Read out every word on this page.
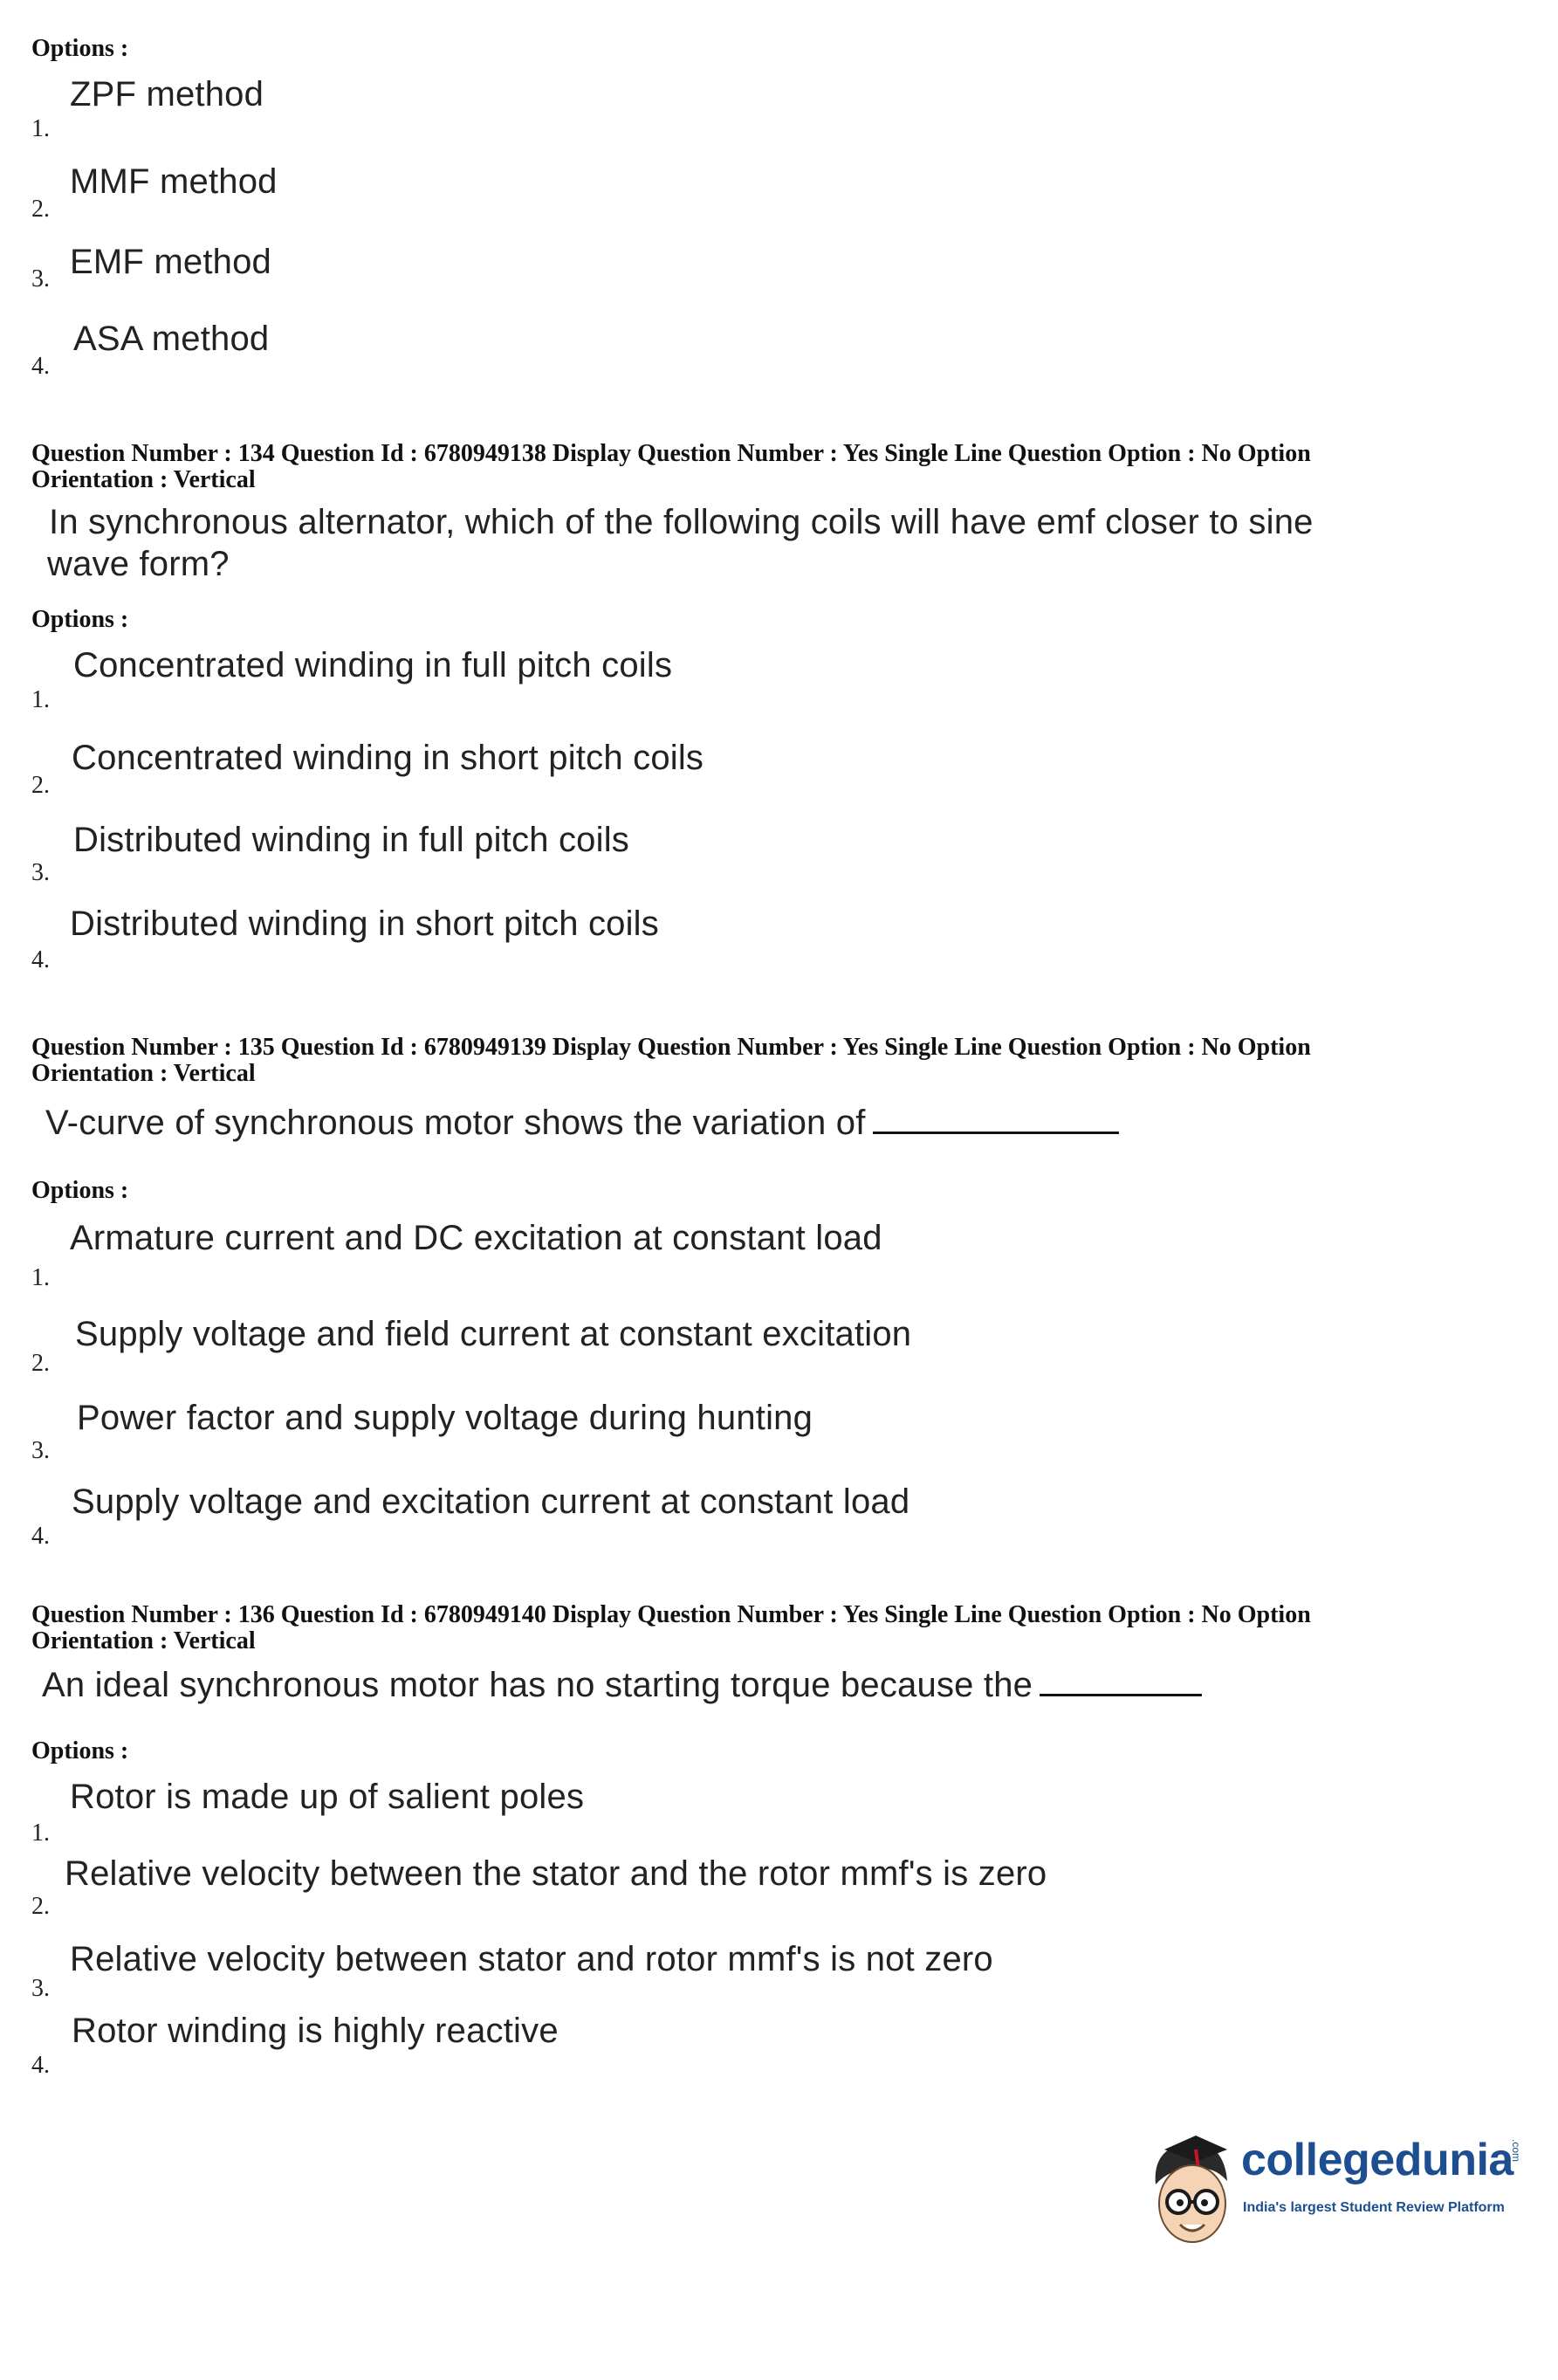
Options :
ZPF method
1.
MMF method
2.
EMF method
3.
ASA method
4.
Question Number : 134 Question Id : 6780949138 Display Question Number : Yes Single Line Question Option : No Option
Orientation : Vertical
In synchronous alternator, which of the following coils will have emf closer to sine
wave form?
Options :
Concentrated winding in full pitch coils
1.
Concentrated winding in short pitch coils
2.
Distributed winding in full pitch coils
3.
Distributed winding in short pitch coils
4.
Question Number : 135 Question Id : 6780949139 Display Question Number : Yes Single Line Question Option : No Option
Orientation : Vertical
V-curve of synchronous motor shows the variation of
Options :
Armature current and DC excitation at constant load
1.
Supply voltage and field current at constant excitation
2.
Power factor and supply voltage during hunting
3.
Supply voltage and excitation current at constant load
4.
Question Number : 136 Question Id : 6780949140 Display Question Number : Yes Single Line Question Option : No Option
Orientation : Vertical
An ideal synchronous motor has no starting torque because the
Options :
Rotor is made up of salient poles
1.
Relative velocity between the stator and the rotor mmf's is zero
2.
Relative velocity between stator and rotor mmf's is not zero
3.
Rotor winding is highly reactive
4.
collegedunia
.com
India's largest Student Review Platform
